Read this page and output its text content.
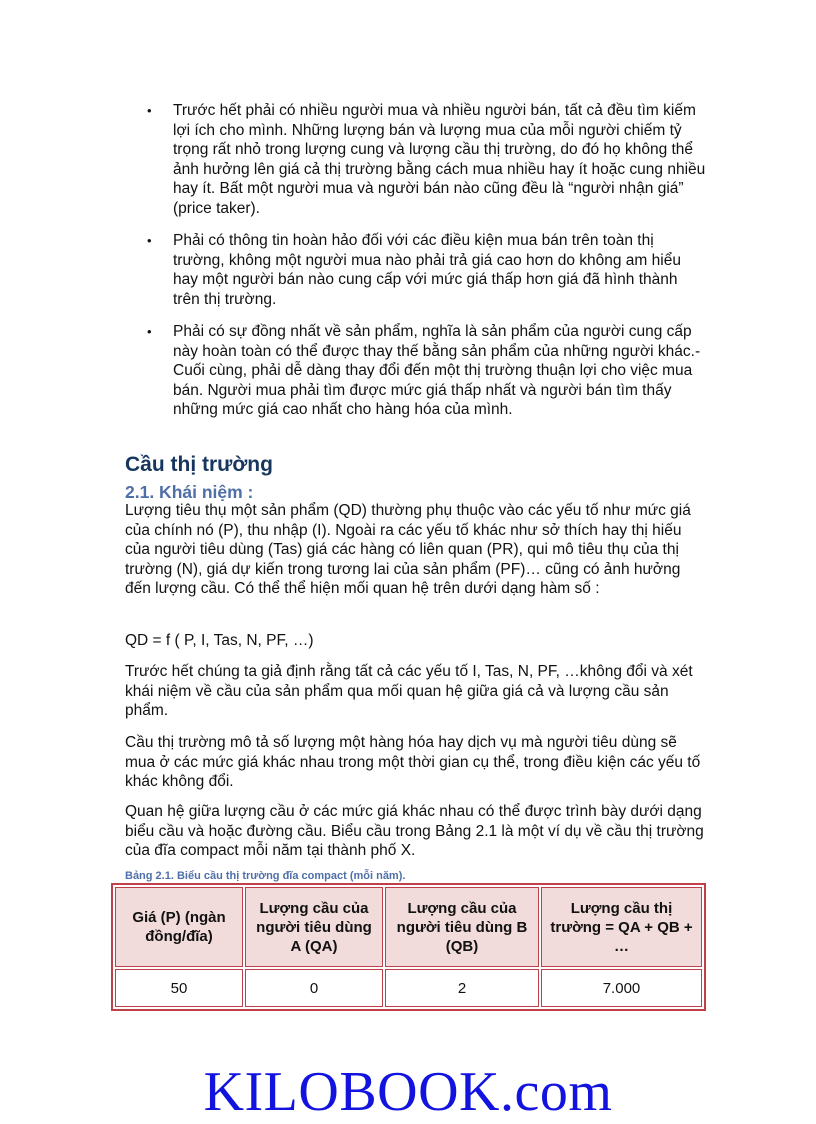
• Trước hết phải có nhiều người mua và nhiều người bán, tất cả đều tìm kiếm lợi ích cho mình. Những lượng bán và lượng mua của mỗi người chiếm tỷ trọng rất nhỏ trong lượng cung và lượng cầu thị trường, do đó họ không thể ảnh hưởng lên giá cả thị trường bằng cách mua nhiều hay ít hoặc cung nhiều hay ít. Bất một người mua và người bán nào cũng đều là “người nhận giá” (price taker).
• Phải có thông tin hoàn hảo đối với các điều kiện mua bán trên toàn thị trường, không một người mua nào phải trả giá cao hơn do không am hiểu hay một người bán nào cung cấp với mức giá thấp hơn giá đã hình thành trên thị trường.
• Phải có sự đồng nhất về sản phẩm, nghĩa là sản phẩm của người cung cấp này hoàn toàn có thể được thay thế bằng sản phẩm của những người khác.- Cuối cùng, phải dễ dàng thay đổi đến một thị trường thuận lợi cho việc mua bán. Người mua phải tìm được mức giá thấp nhất và người bán tìm thấy những mức giá cao nhất cho hàng hóa của mình.
Cầu thị trường
2.1. Khái niệm :

Lượng tiêu thụ một sản phẩm (QD) thường phụ thuộc vào các yếu tố như mức giá của chính nó (P), thu nhập (I). Ngoài ra các yếu tố khác như sở thích hay thị hiếu của người tiêu dùng (Tas) giá các hàng có liên quan (PR), qui mô tiêu thụ của thị trường (N), giá dự kiến trong tương lai của sản phẩm (PF)… cũng có ảnh hưởng đến lượng cầu. Có thể thể hiện mối quan hệ trên dưới dạng hàm số :

QD = f ( P, I, Tas, N, PF, …)

Trước hết chúng ta giả định rằng tất cả các yếu tố I, Tas, N, PF, …không đổi và xét khái niệm về cầu của sản phẩm qua mối quan hệ giữa giá cả và lượng cầu sản phẩm.

Cầu thị trường mô tả số lượng một hàng hóa hay dịch vụ mà người tiêu dùng sẽ mua ở các mức giá khác nhau trong một thời gian cụ thể, trong điều kiện các yếu tố khác không đổi.

Quan hệ giữa lượng cầu ở các mức giá khác nhau có thể được trình bày dưới dạng biểu cầu và hoặc đường cầu. Biểu cầu trong Bảng 2.1 là một ví dụ về cầu thị trường của đĩa compact mỗi năm tại thành phố X.

Bảng 2.1. Biểu cầu thị trường đĩa compact (mỗi năm).
Giá (P) (ngàn đồng/đĩa)	Lượng cầu của người tiêu dùng A (QA)	Lượng cầu của người tiêu dùng B (QB)	Lượng cầu thị trường = QA + QB + …
50	0	2	7.000
KILOBOOK.com
